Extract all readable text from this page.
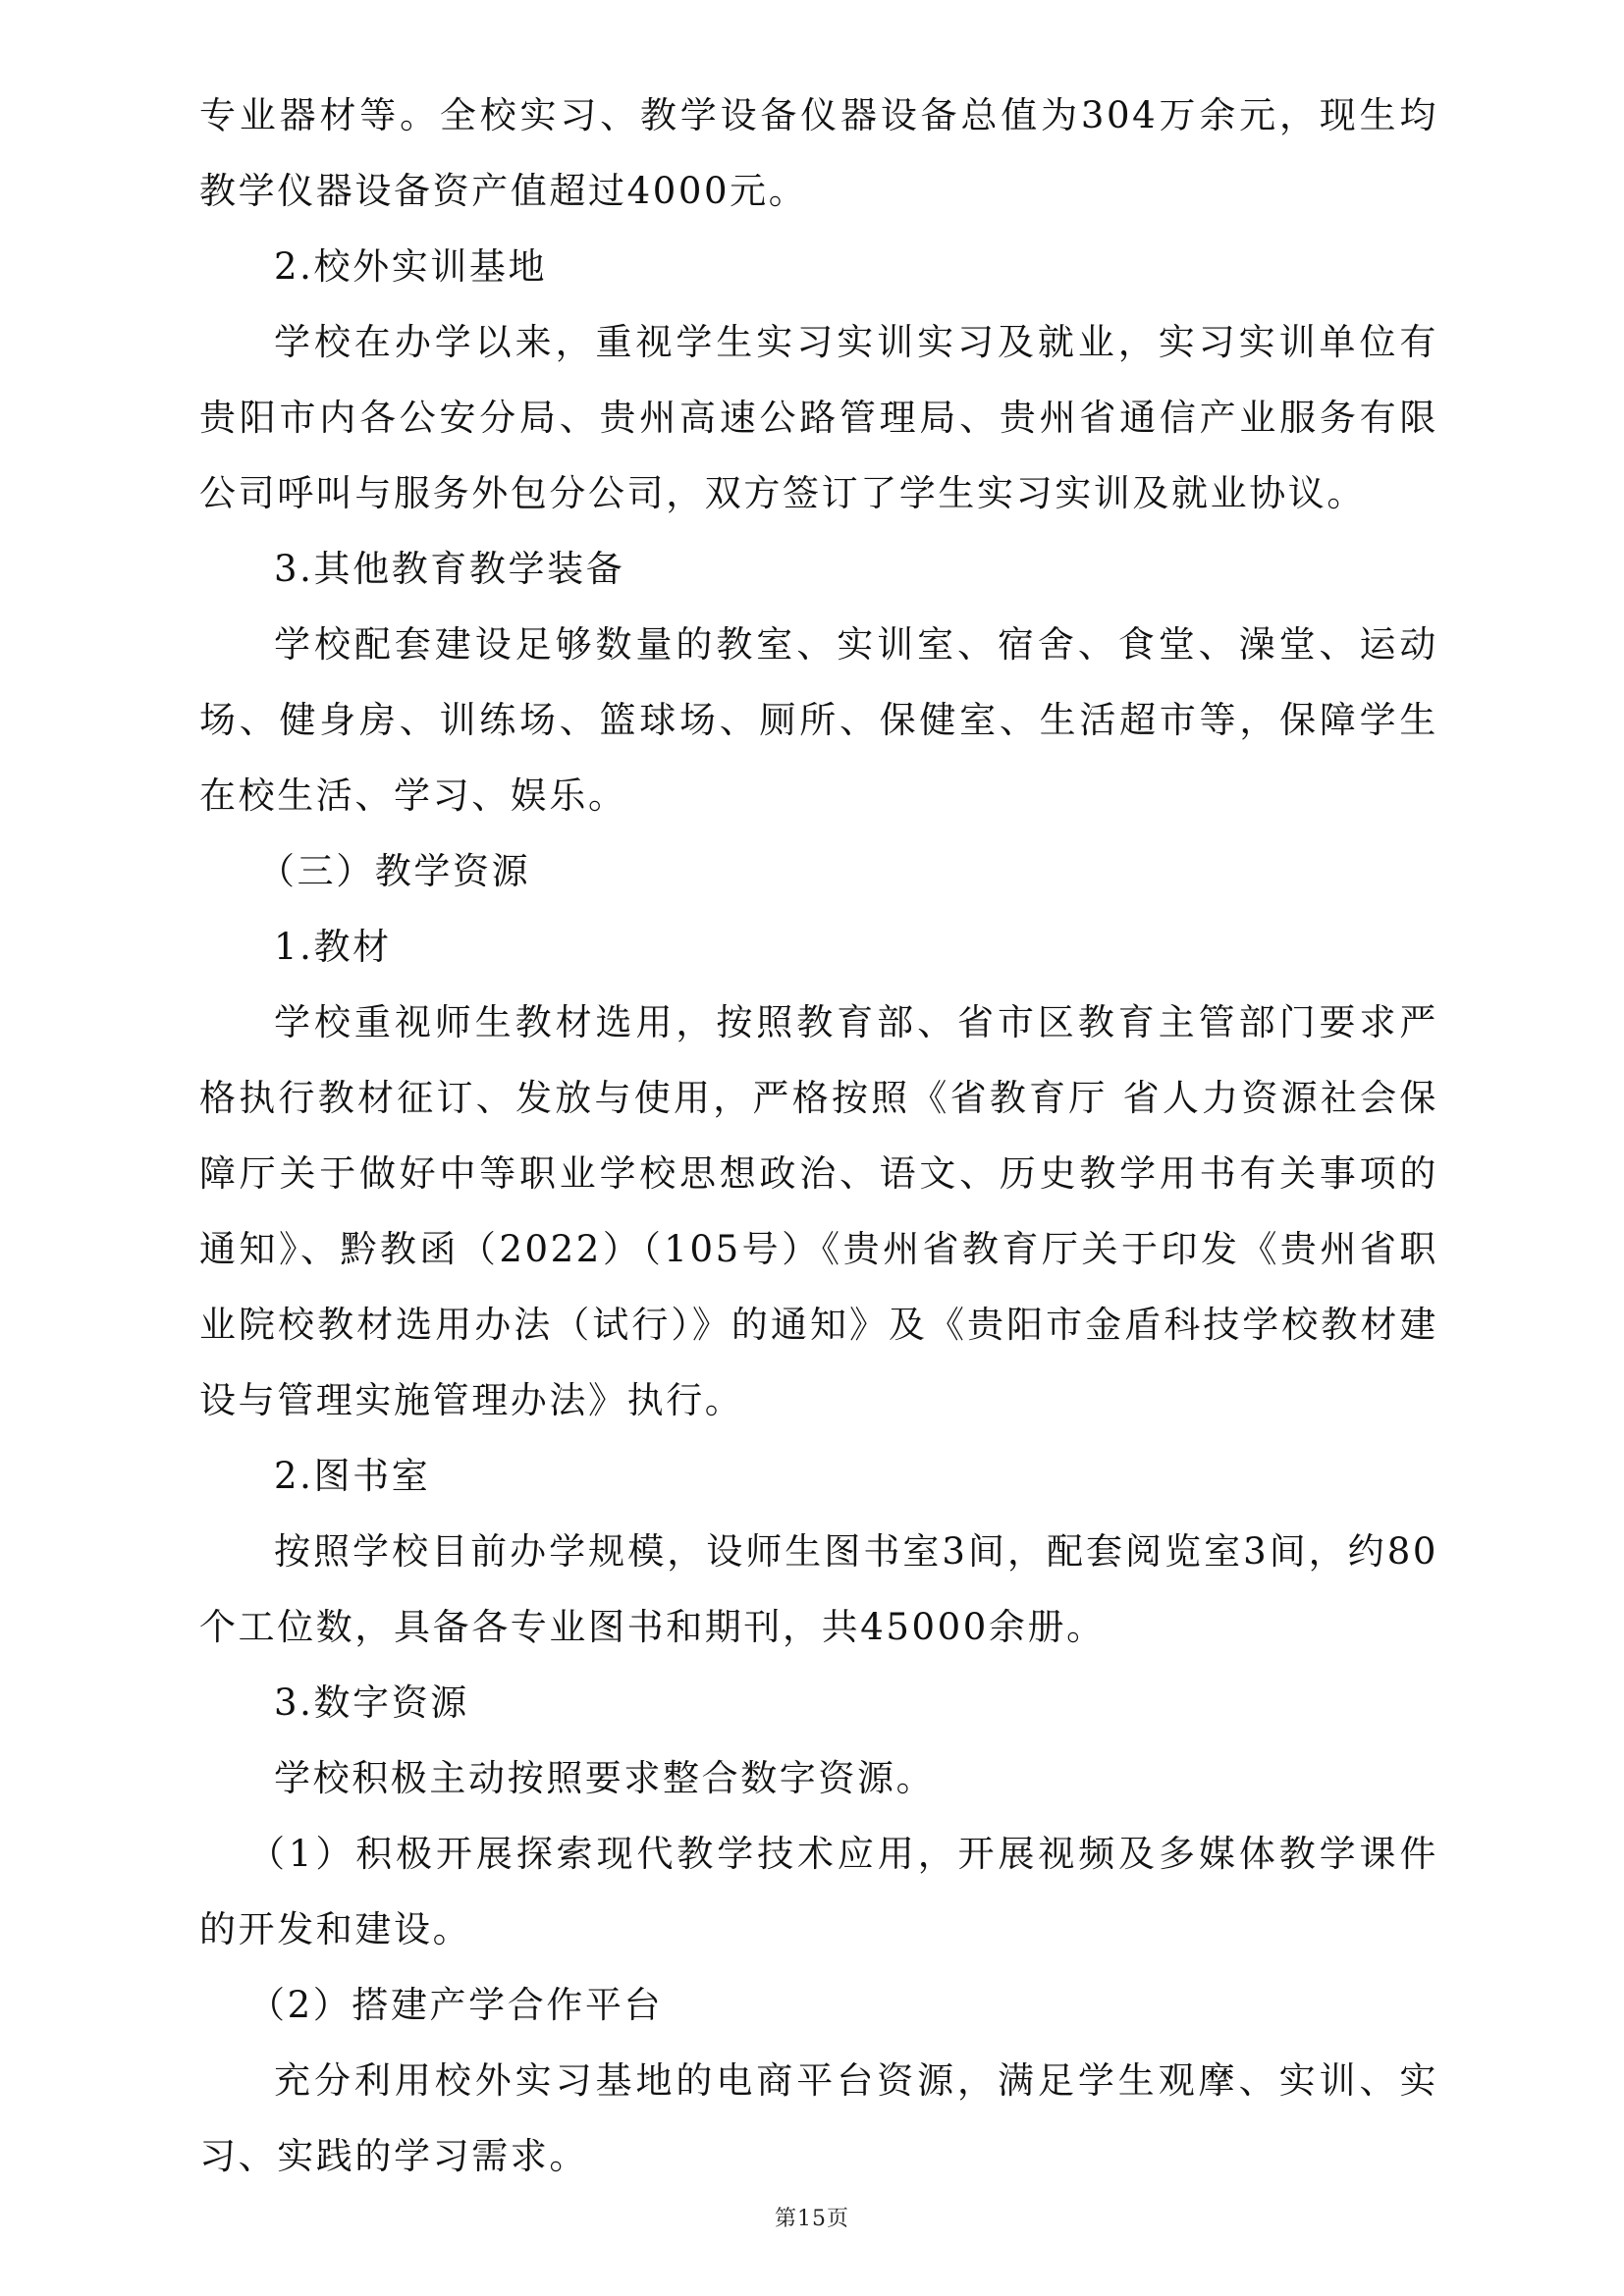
专业器材等。全校实习、教学设备仪器设备总值为304万余元，现生均教学仪器设备资产值超过4000元。

2.校外实训基地

学校在办学以来，重视学生实习实训实习及就业，实习实训单位有贵阳市内各公安分局、贵州高速公路管理局、贵州省通信产业服务有限公司呼叫与服务外包分公司，双方签订了学生实习实训及就业协议。

3.其他教育教学装备

学校配套建设足够数量的教室、实训室、宿舍、食堂、澡堂、运动场、健身房、训练场、篮球场、厕所、保健室、生活超市等，保障学生在校生活、学习、娱乐。

（三）教学资源

1.教材

学校重视师生教材选用，按照教育部、省市区教育主管部门要求严格执行教材征订、发放与使用，严格按照《省教育厅 省人力资源社会保障厅关于做好中等职业学校思想政治、语文、历史教学用书有关事项的通知》、黔教函（2022）（105号）《贵州省教育厅关于印发《贵州省职业院校教材选用办法（试行）》的通知》及《贵阳市金盾科技学校教材建设与管理实施管理办法》执行。

2.图书室

按照学校目前办学规模，设师生图书室3间，配套阅览室3间，约80个工位数，具备各专业图书和期刊，共45000余册。

3.数字资源

学校积极主动按照要求整合数字资源。

（1）积极开展探索现代教学技术应用，开展视频及多媒体教学课件的开发和建设。

（2）搭建产学合作平台

充分利用校外实习基地的电商平台资源，满足学生观摩、实训、实习、实践的学习需求。

第15页
